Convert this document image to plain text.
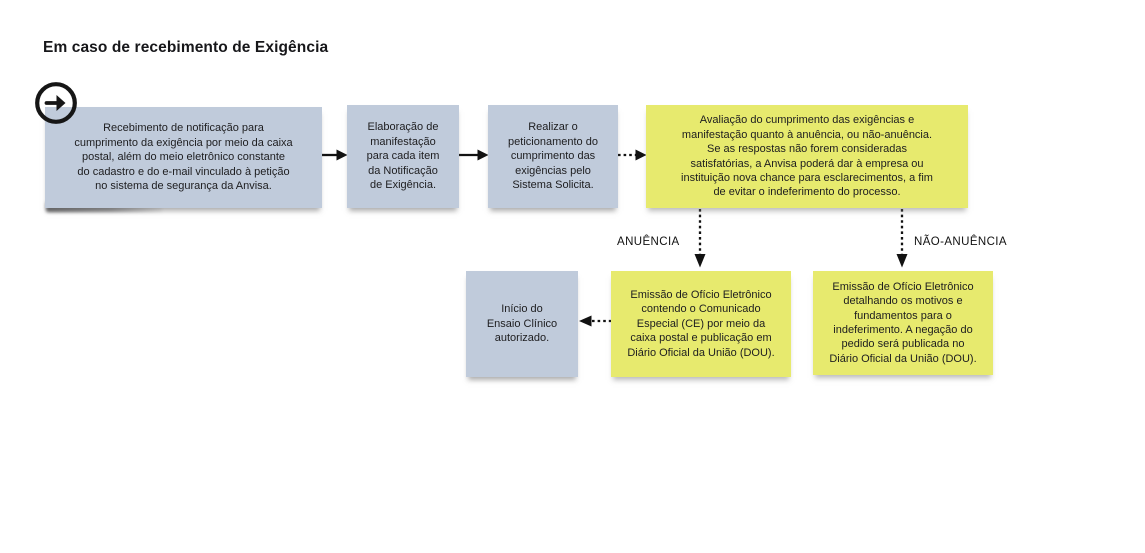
Em caso de recebimento de Exigência
Recebimento de notificação para
cumprimento da exigência por meio da caixa
postal, além do meio eletrônico constante
do cadastro e do e-mail vinculado à petição
no sistema de segurança da Anvisa.
Elaboração de
manifestação
para cada item
da Notificação
de Exigência.
Realizar o
peticionamento do
cumprimento das
exigências pelo
Sistema Solicita.
Avaliação do cumprimento das exigências e
manifestação quanto à anuência, ou não-anuência.
Se as respostas não forem consideradas
satisfatórias, a Anvisa poderá dar à empresa ou
instituição nova chance para esclarecimentos, a fim
de evitar o indeferimento do processo.
ANUÊNCIA	NÃO-ANUÊNCIA
Início do
Ensaio Clínico
autorizado.
Emissão de Ofício Eletrônico
contendo o Comunicado
Especial (CE) por meio da
caixa postal e publicação em
Diário Oficial da União (DOU).
Emissão de Ofício Eletrônico
detalhando os motivos e
fundamentos para o
indeferimento. A negação do
pedido será publicada no
Diário Oficial da União (DOU).
